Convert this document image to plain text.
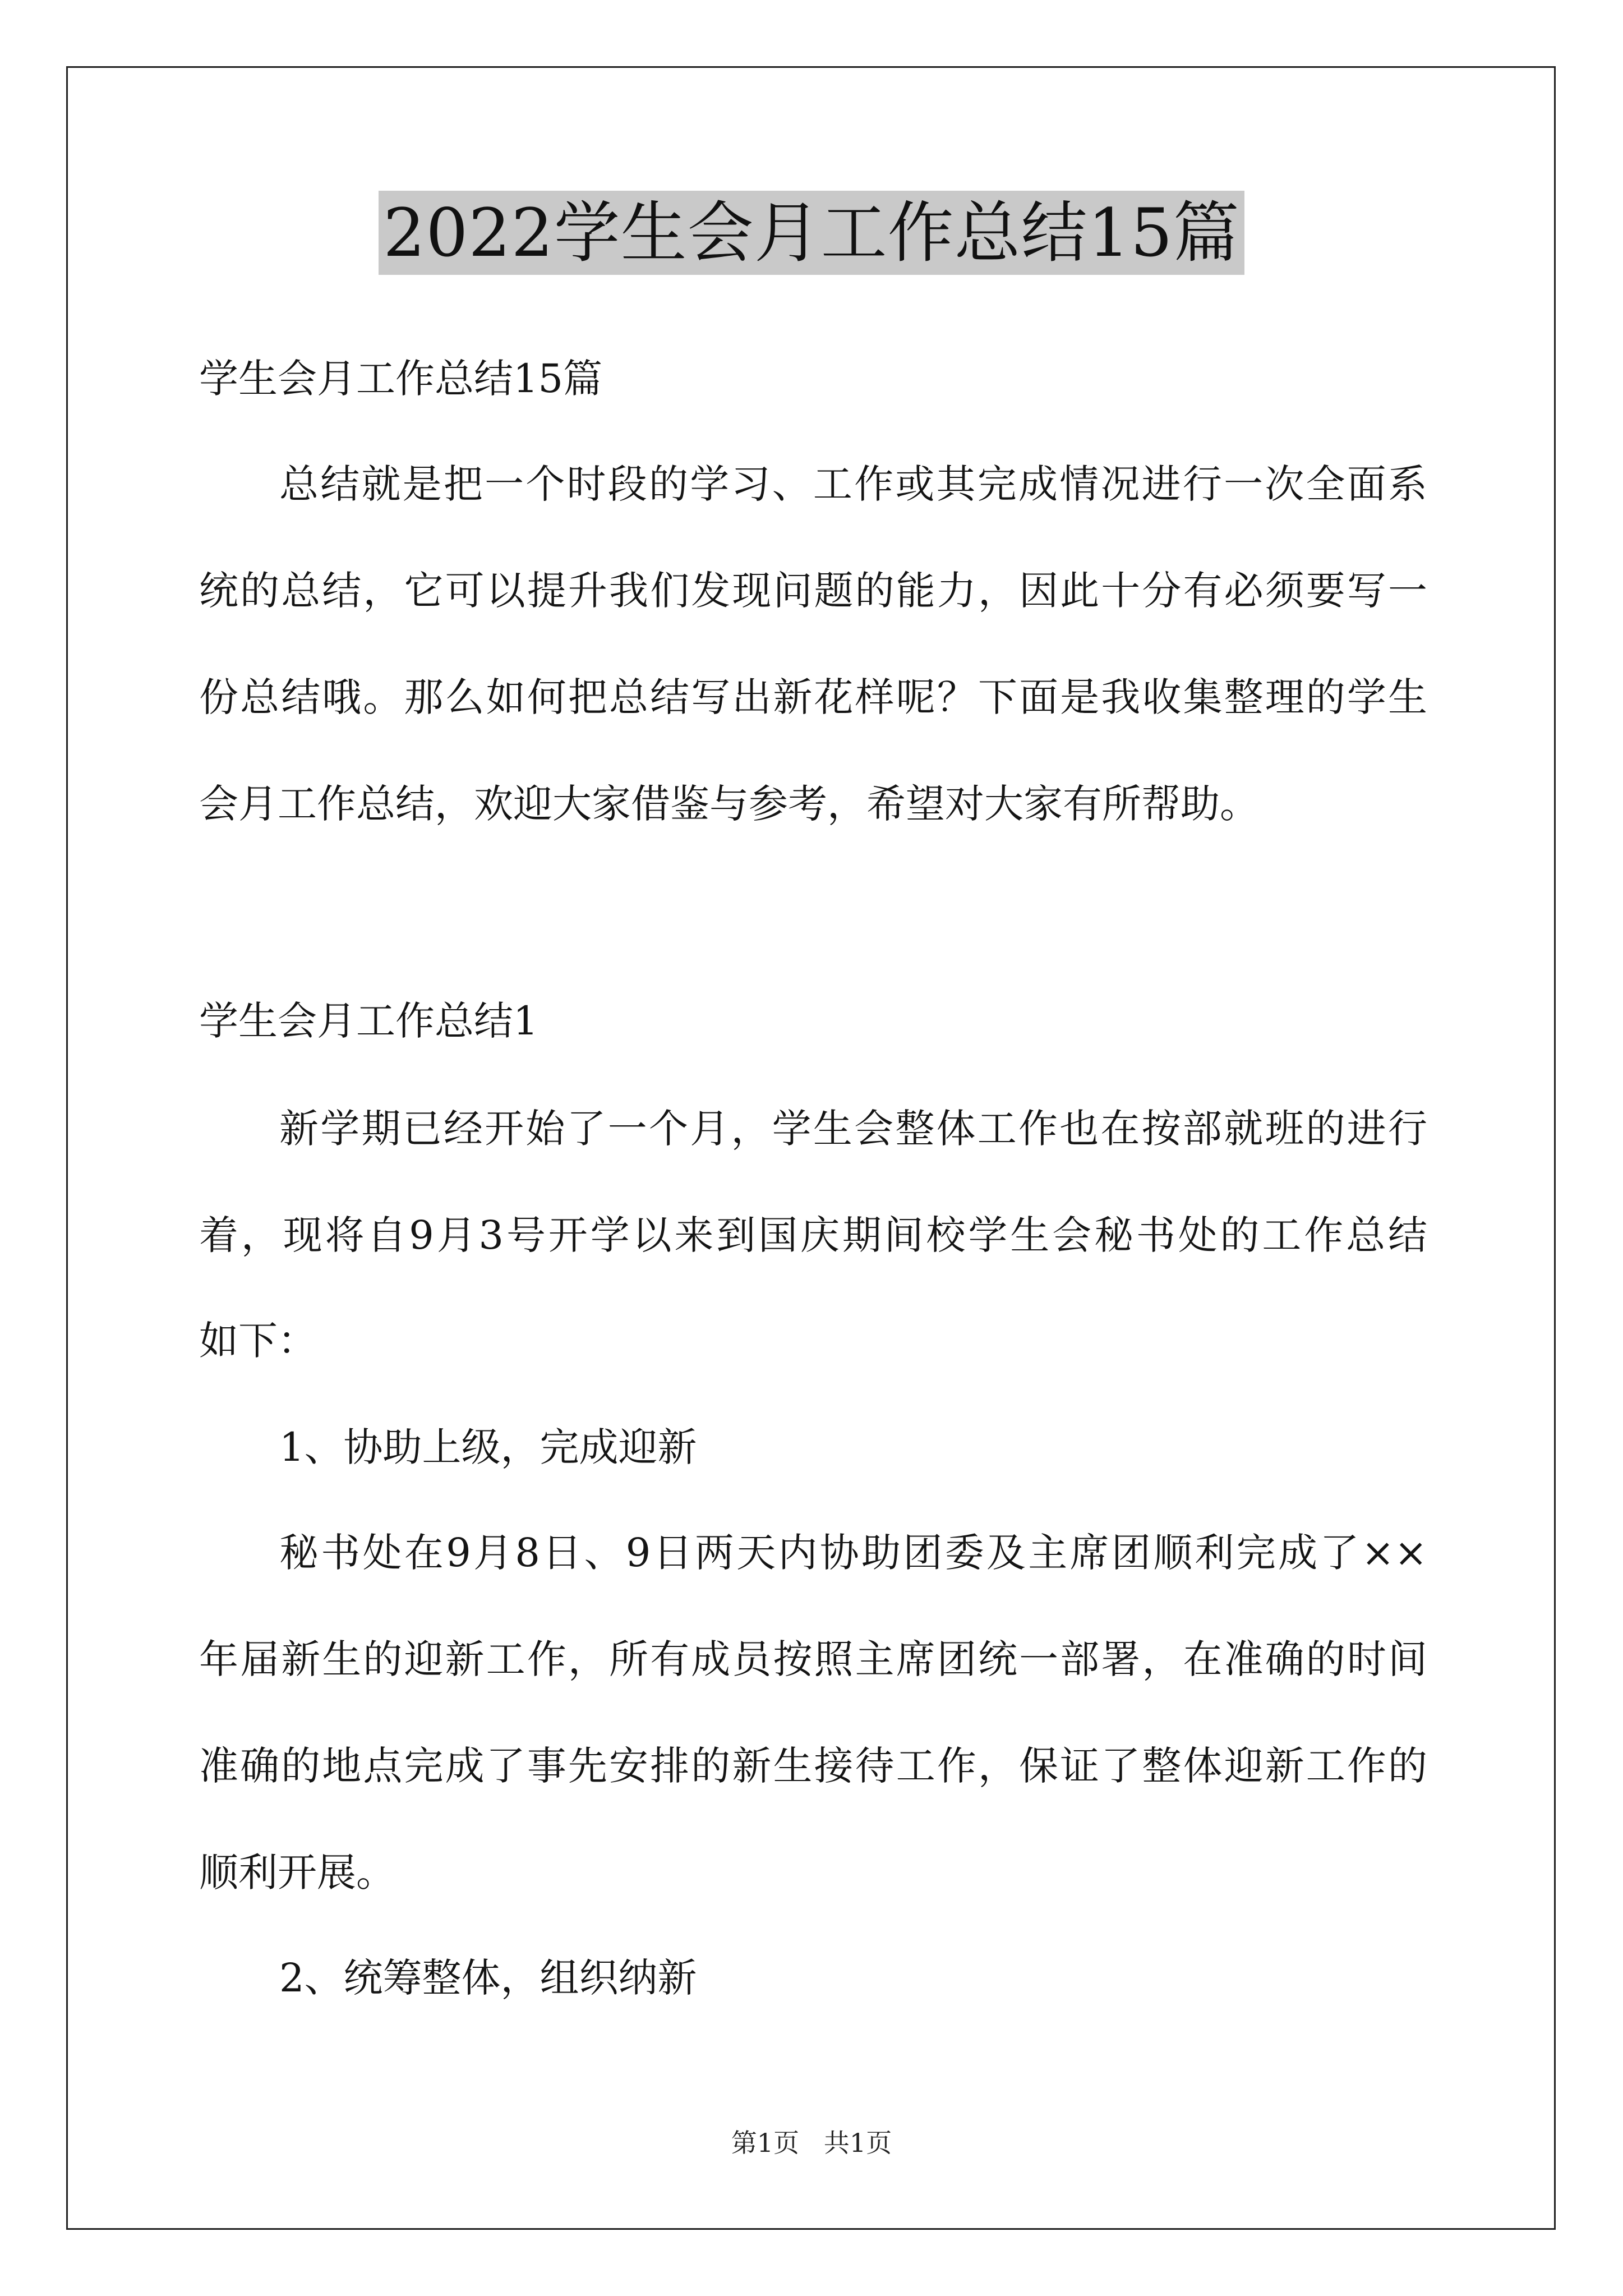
2022学生会月工作总结15篇
学生会月工作总结15篇
总结就是把一个时段的学习、工作或其完成情况进行一次全面系
统的总结，它可以提升我们发现问题的能力，因此十分有必须要写一
份总结哦。那么如何把总结写出新花样呢？下面是我收集整理的学生
会月工作总结，欢迎大家借鉴与参考，希望对大家有所帮助。
学生会月工作总结1
新学期已经开始了一个月，学生会整体工作也在按部就班的进行
着，现将自9月3号开学以来到国庆期间校学生会秘书处的工作总结
如下：
1、协助上级，完成迎新
秘书处在9月8日、9日两天内协助团委及主席团顺利完成了××
年届新生的迎新工作，所有成员按照主席团统一部署，在准确的时间
准确的地点完成了事先安排的新生接待工作，保证了整体迎新工作的
顺利开展。
2、统筹整体，组织纳新
第1页   共1页
